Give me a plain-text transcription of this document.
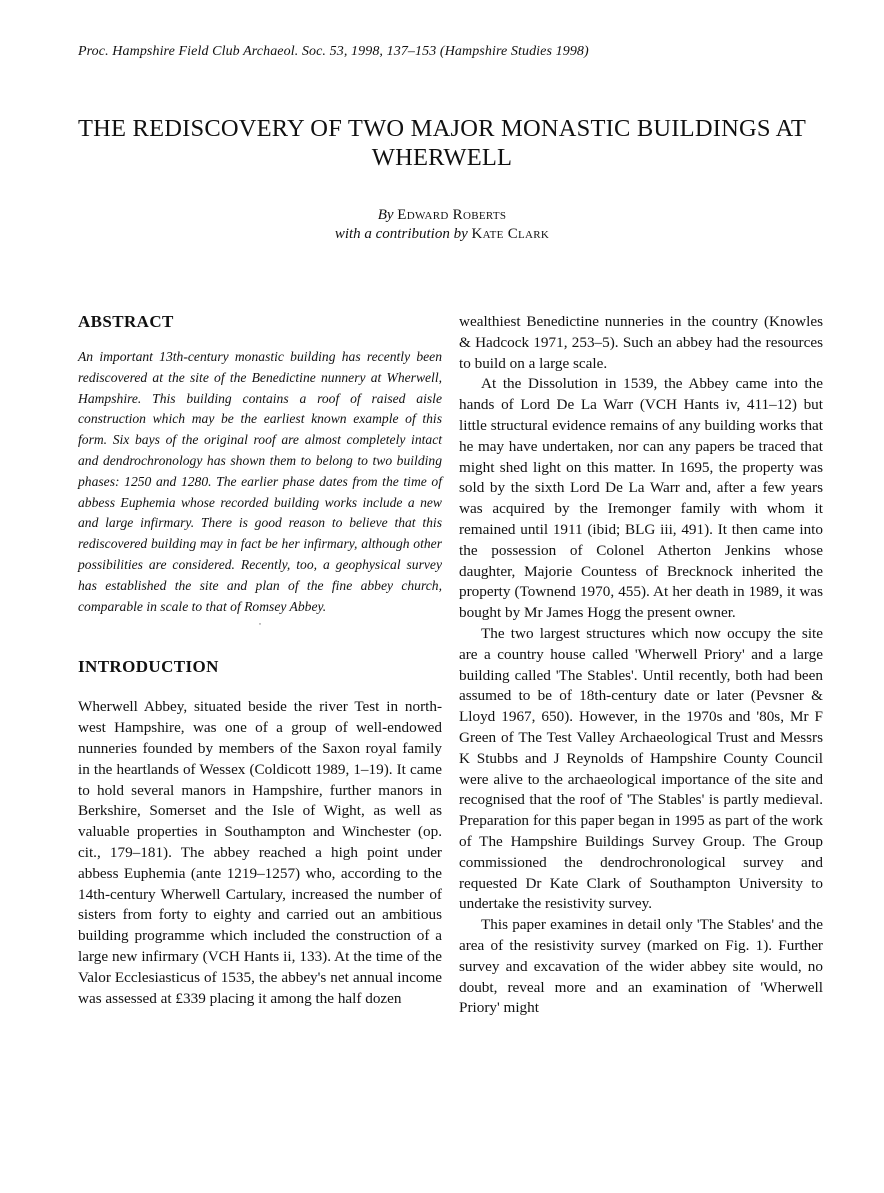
Proc. Hampshire Field Club Archaeol. Soc. 53, 1998, 137–153 (Hampshire Studies 1998)
THE REDISCOVERY OF TWO MAJOR MONASTIC BUILDINGS AT WHERWELL
By Edward Roberts
with a contribution by Kate Clark
ABSTRACT

An important 13th-century monastic building has recently been rediscovered at the site of the Benedictine nunnery at Wherwell, Hampshire. This building contains a roof of raised aisle construction which may be the earliest known example of this form. Six bays of the original roof are almost completely intact and dendrochronology has shown them to belong to two building phases: 1250 and 1280. The earlier phase dates from the time of abbess Euphemia whose recorded building works include a new and large infirmary. There is good reason to believe that this rediscovered building may in fact be her infirmary, although other possibilities are considered. Recently, too, a geophysical survey has established the site and plan of the fine abbey church, comparable in scale to that of Romsey Abbey.

·

INTRODUCTION

Wherwell Abbey, situated beside the river Test in north-west Hampshire, was one of a group of well-endowed nunneries founded by members of the Saxon royal family in the heartlands of Wessex (Coldicott 1989, 1–19). It came to hold several manors in Hampshire, further manors in Berkshire, Somerset and the Isle of Wight, as well as valuable properties in Southampton and Winchester (op. cit., 179–181). The abbey reached a high point under abbess Euphemia (ante 1219–1257) who, according to the 14th-century Wherwell Cartulary, increased the number of sisters from forty to eighty and carried out an ambitious building programme which included the construction of a large new infirmary (VCH Hants ii, 133). At the time of the Valor Ecclesiasticus of 1535, the abbey's net annual income was assessed at £339 placing it among the half dozen

wealthiest Benedictine nunneries in the country (Knowles & Hadcock 1971, 253–5). Such an abbey had the resources to build on a large scale.

At the Dissolution in 1539, the Abbey came into the hands of Lord De La Warr (VCH Hants iv, 411–12) but little structural evidence remains of any building works that he may have undertaken, nor can any papers be traced that might shed light on this matter. In 1695, the property was sold by the sixth Lord De La Warr and, after a few years was acquired by the Iremonger family with whom it remained until 1911 (ibid; BLG iii, 491). It then came into the possession of Colonel Atherton Jenkins whose daughter, Majorie Countess of Brecknock inherited the property (Townend 1970, 455). At her death in 1989, it was bought by Mr James Hogg the present owner.

The two largest structures which now occupy the site are a country house called 'Wherwell Priory' and a large building called 'The Stables'. Until recently, both had been assumed to be of 18th-century date or later (Pevsner & Lloyd 1967, 650). However, in the 1970s and '80s, Mr F Green of The Test Valley Archaeological Trust and Messrs K Stubbs and J Reynolds of Hampshire County Council were alive to the archaeological importance of the site and recognised that the roof of 'The Stables' is partly medieval. Preparation for this paper began in 1995 as part of the work of The Hampshire Buildings Survey Group. The Group commissioned the dendrochronological survey and requested Dr Kate Clark of Southampton University to undertake the resistivity survey.

This paper examines in detail only 'The Stables' and the area of the resistivity survey (marked on Fig. 1). Further survey and excavation of the wider abbey site would, no doubt, reveal more and an examination of 'Wherwell Priory' might
